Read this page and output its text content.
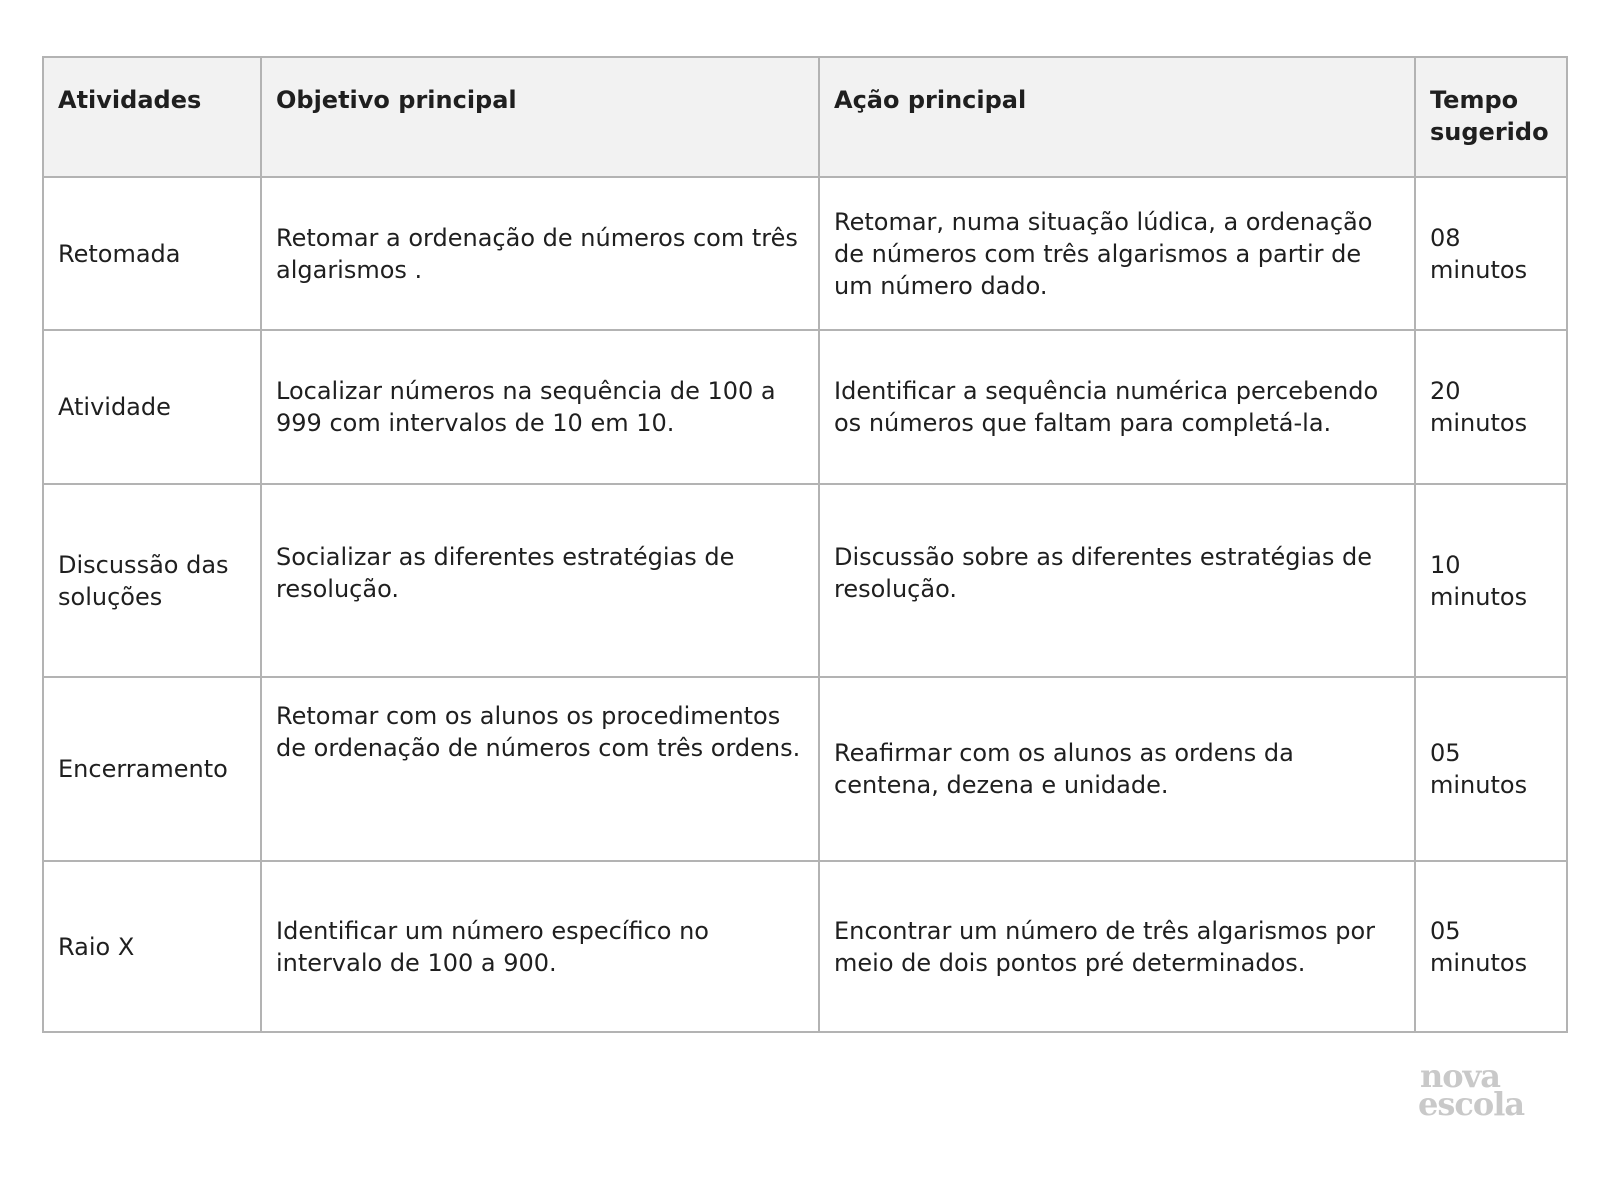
Atividades	Objetivo principal	Ação principal	Tempo sugerido
Retomada	Retomar a ordenação de números com três algarismos .	Retomar, numa situação lúdica, a ordenação de números com três algarismos a partir de um número dado.	08 minutos
Atividade	Localizar números na sequência de 100 a 999 com intervalos de 10 em 10.	Identificar a sequência numérica percebendo os números que faltam para completá-la.	20 minutos
Discussão das soluções	Socializar as diferentes estratégias de resolução.	Discussão sobre as diferentes estratégias de resolução.	10 minutos
Encerramento	Retomar com os alunos os procedimentos de ordenação de números com três ordens.	Reafirmar com os alunos as ordens da centena, dezena e unidade.	05 minutos
Raio X	Identificar um número específico no intervalo de 100 a 900.	Encontrar um número de três algarismos por meio de dois pontos pré determinados.	05 minutos
nova
escola
